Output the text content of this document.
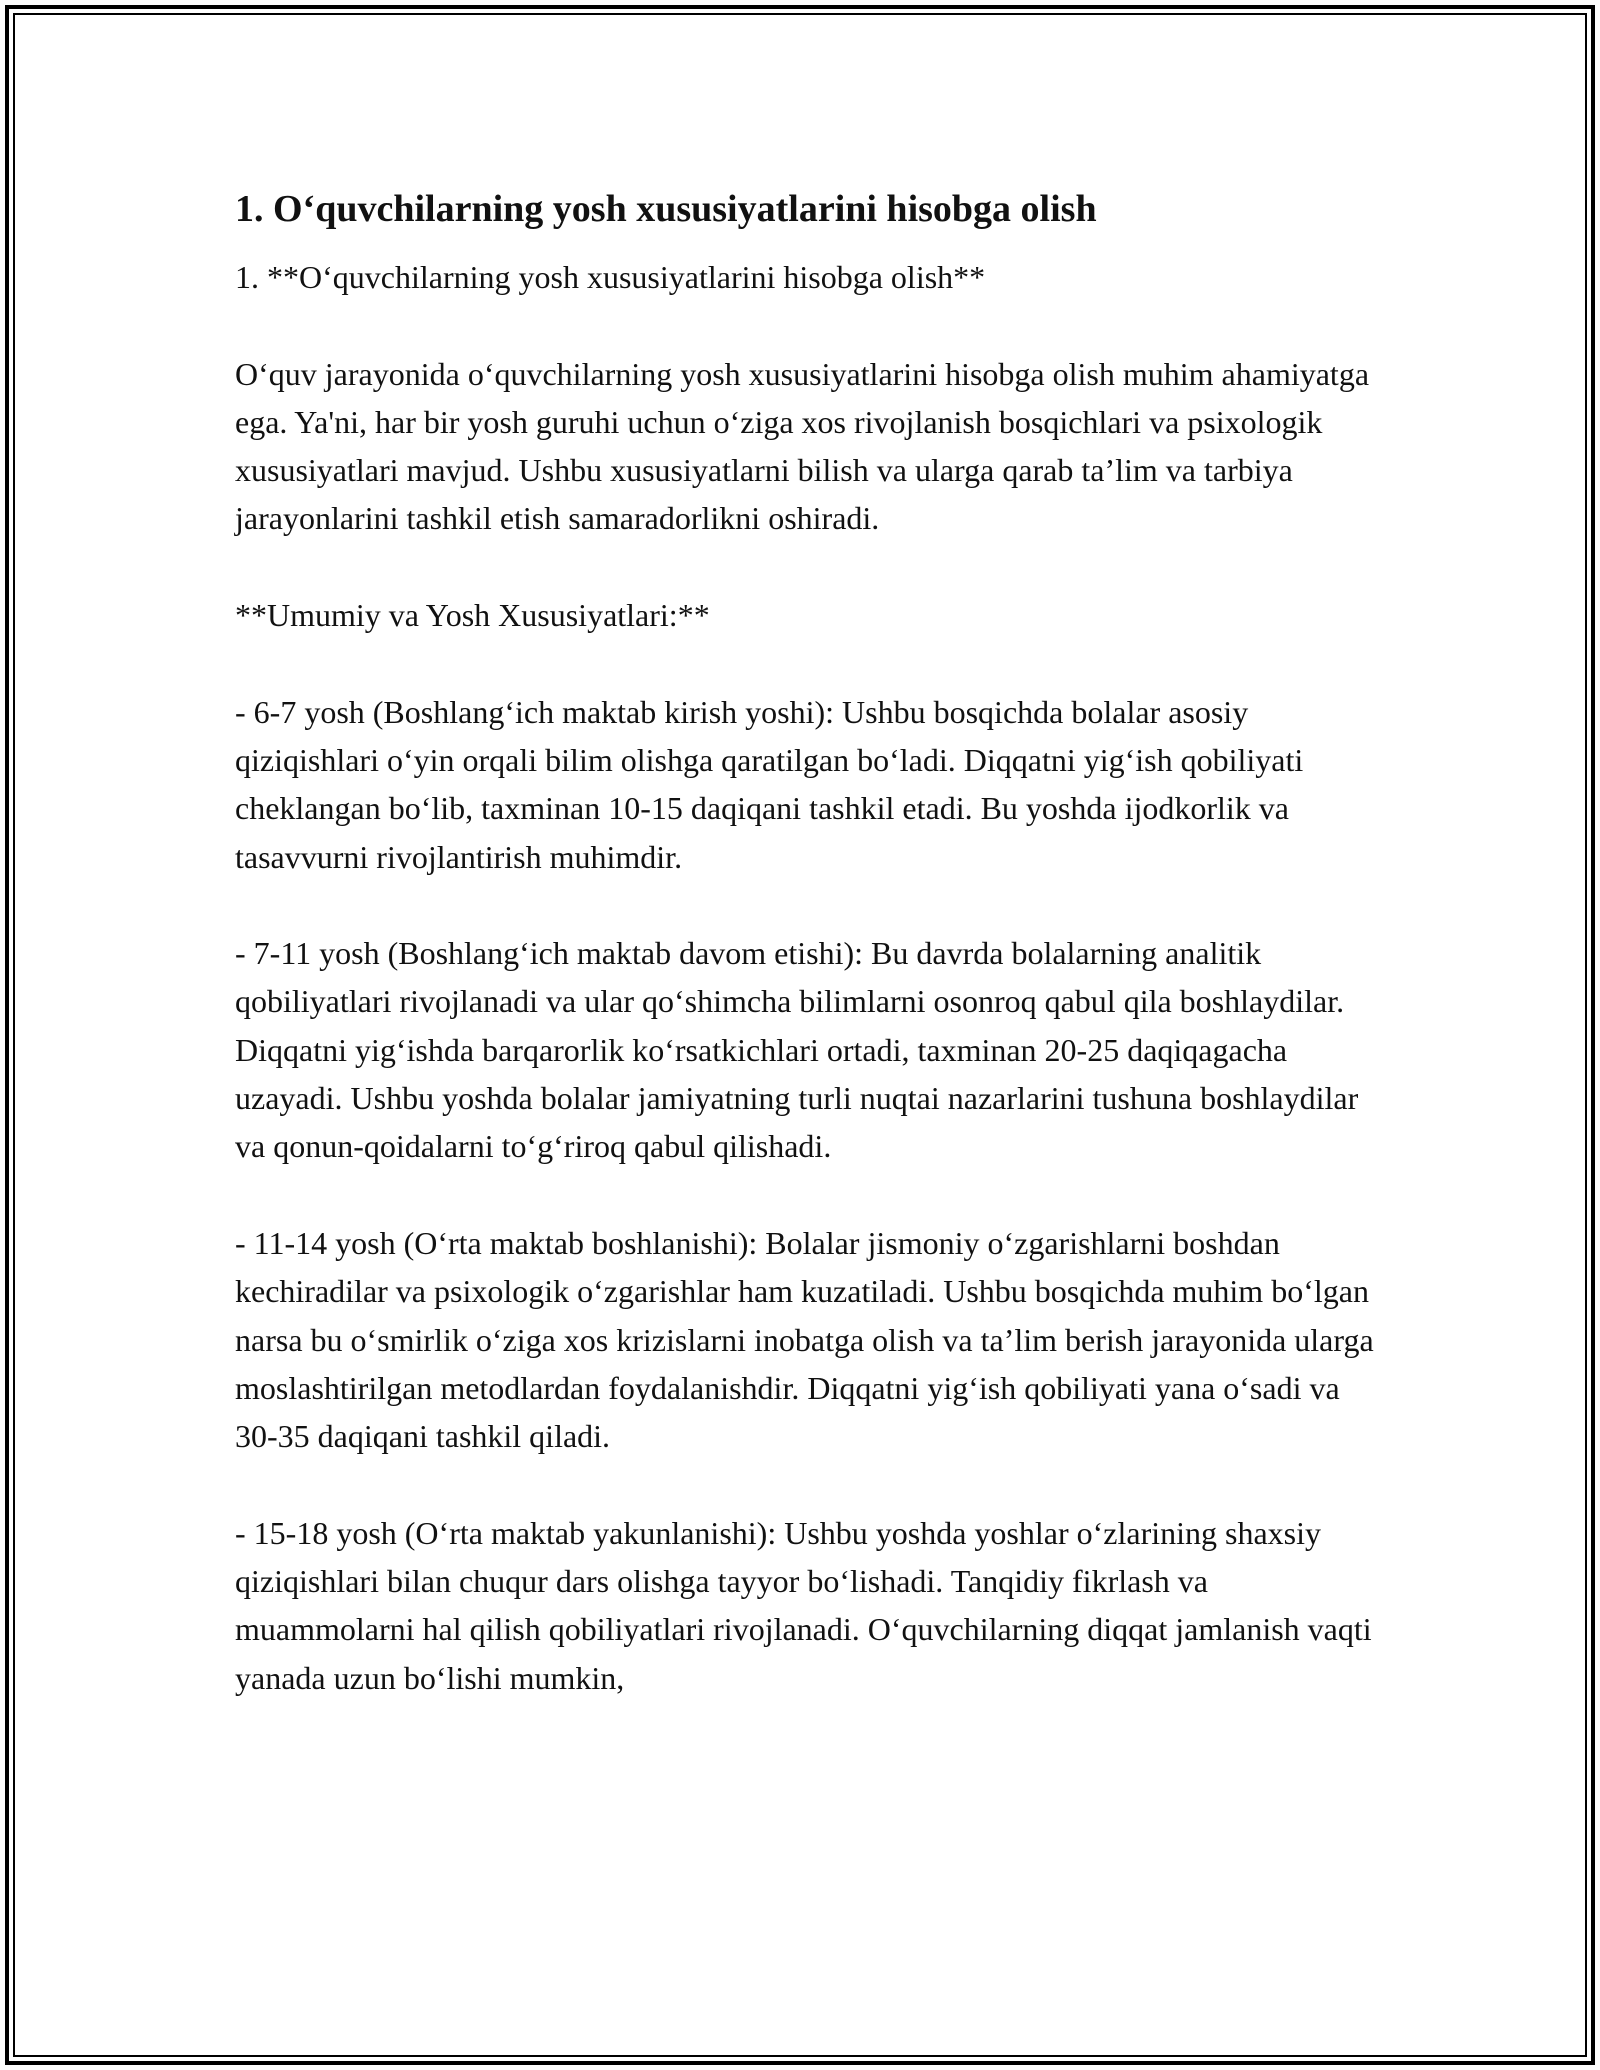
1. O‘quvchilarning yosh xususiyatlarini hisobga olish

1. **O‘quvchilarning yosh xususiyatlarini hisobga olish**

O‘quv jarayonida o‘quvchilarning yosh xususiyatlarini hisobga olish muhim ahamiyatga ega. Ya'ni, har bir yosh guruhi uchun o‘ziga xos rivojlanish bosqichlari va psixologik xususiyatlari mavjud. Ushbu xususiyatlarni bilish va ularga qarab ta’lim va tarbiya jarayonlarini tashkil etish samaradorlikni oshiradi.

**Umumiy va Yosh Xususiyatlari:**

- 6-7 yosh (Boshlang‘ich maktab kirish yoshi): Ushbu bosqichda bolalar asosiy qiziqishlari o‘yin orqali bilim olishga qaratilgan bo‘ladi. Diqqatni yig‘ish qobiliyati cheklangan bo‘lib, taxminan 10-15 daqiqani tashkil etadi. Bu yoshda ijodkorlik va tasavvurni rivojlantirish muhimdir.

- 7-11 yosh (Boshlang‘ich maktab davom etishi): Bu davrda bolalarning analitik qobiliyatlari rivojlanadi va ular qo‘shimcha bilimlarni osonroq qabul qila boshlaydilar. Diqqatni yig‘ishda barqarorlik ko‘rsatkichlari ortadi, taxminan 20-25 daqiqagacha uzayadi. Ushbu yoshda bolalar jamiyatning turli nuqtai nazarlarini tushuna boshlaydilar va qonun-qoidalarni to‘g‘riroq qabul qilishadi.

- 11-14 yosh (O‘rta maktab boshlanishi): Bolalar jismoniy o‘zgarishlarni boshdan kechiradilar va psixologik o‘zgarishlar ham kuzatiladi. Ushbu bosqichda muhim bo‘lgan narsa bu o‘smirlik o‘ziga xos krizislarni inobatga olish va ta’lim berish jarayonida ularga moslashtirilgan metodlardan foydalanishdir. Diqqatni yig‘ish qobiliyati yana o‘sadi va 30-35 daqiqani tashkil qiladi.

- 15-18 yosh (O‘rta maktab yakunlanishi): Ushbu yoshda yoshlar o‘zlarining shaxsiy qiziqishlari bilan chuqur dars olishga tayyor bo‘lishadi. Tanqidiy fikrlash va muammolarni hal qilish qobiliyatlari rivojlanadi. O‘quvchilarning diqqat jamlanish vaqti yanada uzun bo‘lishi mumkin,
